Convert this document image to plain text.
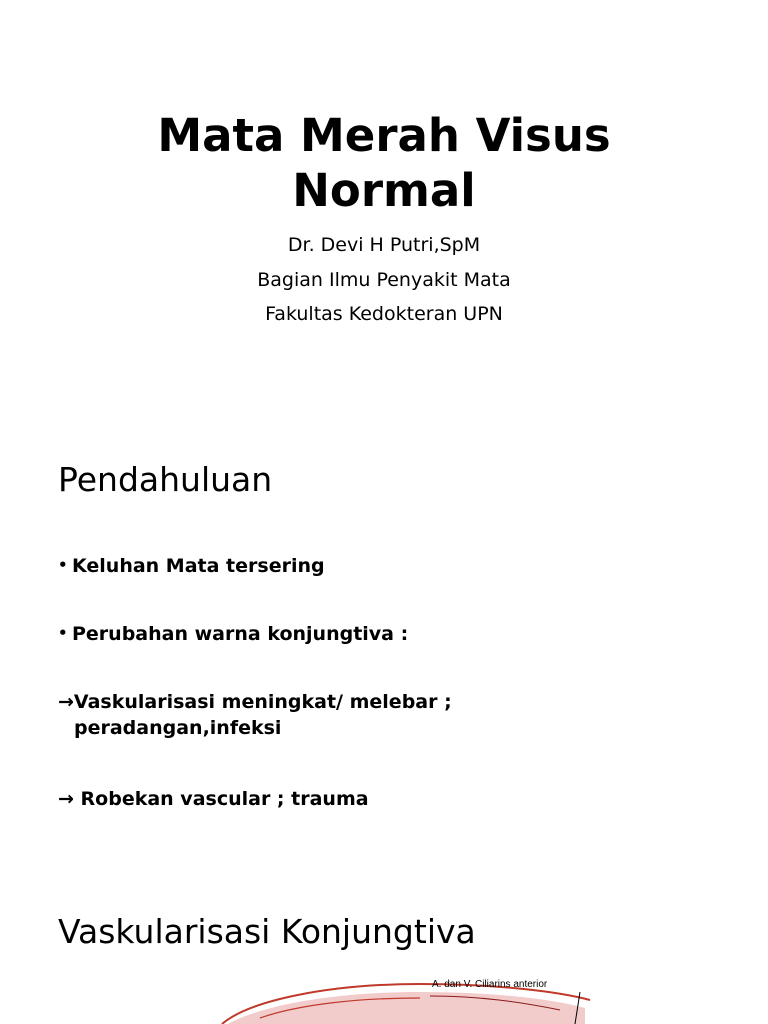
Mata Merah Visus
Normal

Dr. Devi H Putri,SpM

Bagian Ilmu Penyakit Mata

Fakultas Kedokteran UPN

Pendahuluan
• Keluhan Mata tersering
• Perubahan warna konjungtiva :
→Vaskularisasi meningkat/ melebar ;
peradangan,infeksi
→ Robekan vascular ; trauma
Vaskularisasi Konjungtiva
A. dan V. Ciliarins anterior
